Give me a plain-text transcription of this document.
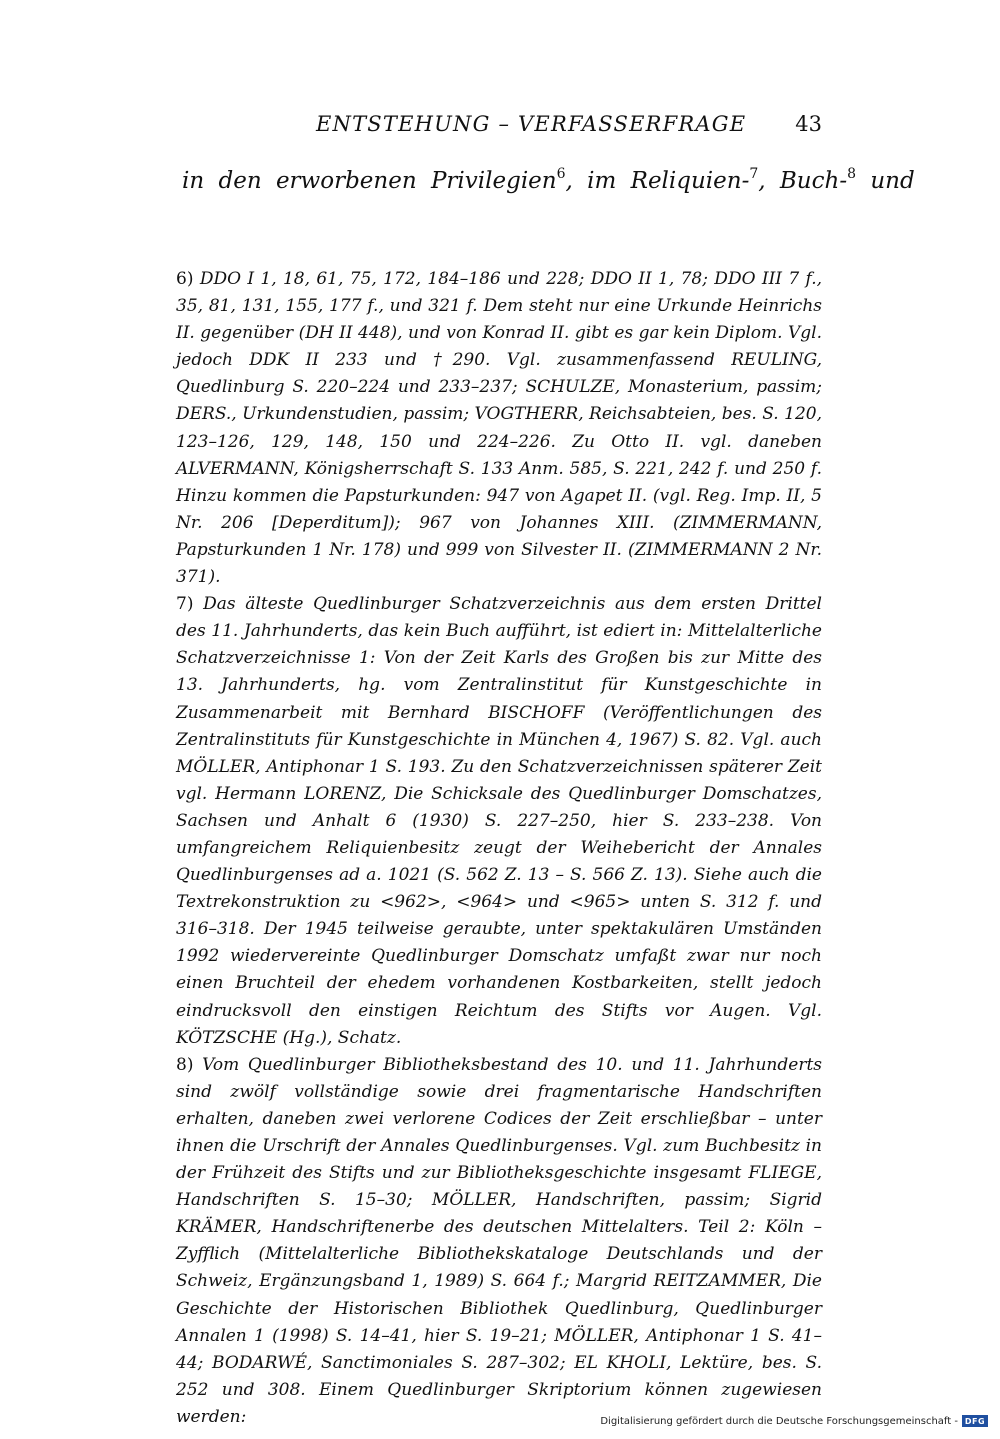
ENTSTEHUNG – VERFASSERFRAGE 43
in den erworbenen Privilegien$^6$, im Reliquien-$^7$, Buch-$^8$ und

6) DDO I 1, 18, 61, 75, 172, 184–186 und 228; DDO II 1, 78; DDO III 7 f., 35, 81, 131, 155, 177 f., und 321 f. Dem steht nur eine Urkunde Heinrichs II. gegenüber (DH II 448), und von Konrad II. gibt es gar kein Diplom. Vgl. jedoch DDK II 233 und †290. Vgl. zusammenfassend REULING, Quedlinburg S. 220–224 und 233–237; SCHULZE, Monasterium, passim; DERS., Urkundenstudien, passim; VOGTHERR, Reichsabteien, bes. S. 120, 123–126, 129, 148, 150 und 224–226. Zu Otto II. vgl. daneben ALVERMANN, Königsherrschaft S. 133 Anm. 585, S. 221, 242 f. und 250 f. Hinzu kommen die Papsturkunden: 947 von Agapet II. (vgl. Reg. Imp. II, 5 Nr. 206 [Deperditum]); 967 von Johannes XIII. (ZIMMERMANN, Papsturkunden 1 Nr. 178) und 999 von Silvester II. (ZIMMERMANN 2 Nr. 371).

7) Das älteste Quedlinburger Schatzverzeichnis aus dem ersten Drittel des 11. Jahrhunderts, das kein Buch aufführt, ist ediert in: Mittelalterliche Schatzverzeichnisse 1: Von der Zeit Karls des Großen bis zur Mitte des 13. Jahrhunderts, hg. vom Zentralinstitut für Kunstgeschichte in Zusammenarbeit mit Bernhard BISCHOFF (Veröffentlichungen des Zentralinstituts für Kunstgeschichte in München 4, 1967) S. 82. Vgl. auch MÖLLER, Antiphonar 1 S. 193. Zu den Schatzverzeichnissen späterer Zeit vgl. Hermann LORENZ, Die Schicksale des Quedlinburger Domschatzes, Sachsen und Anhalt 6 (1930) S. 227–250, hier S. 233–238. Von umfangreichem Reliquienbesitz zeugt der Weihebericht der Annales Quedlinburgenses ad a. 1021 (S. 562 Z. 13 – S. 566 Z. 13). Siehe auch die Textrekonstruktion zu <962>, <964> und <965> unten S. 312 f. und 316–318. Der 1945 teilweise geraubte, unter spektakulären Umständen 1992 wiedervereinte Quedlinburger Domschatz umfaßt zwar nur noch einen Bruchteil der ehedem vorhandenen Kostbarkeiten, stellt jedoch eindrucksvoll den einstigen Reichtum des Stifts vor Augen. Vgl. KÖTZSCHE (Hg.), Schatz.

8) Vom Quedlinburger Bibliotheksbestand des 10. und 11. Jahrhunderts sind zwölf vollständige sowie drei fragmentarische Handschriften erhalten, daneben zwei verlorene Codices der Zeit erschließbar – unter ihnen die Urschrift der Annales Quedlinburgenses. Vgl. zum Buchbesitz in der Frühzeit des Stifts und zur Bibliotheksgeschichte insgesamt FLIEGE, Handschriften S. 15–30; MÖLLER, Handschriften, passim; Sigrid KRÄMER, Handschriftenerbe des deutschen Mittelalters. Teil 2: Köln – Zyfflich (Mittelalterliche Bibliothekskataloge Deutschlands und der Schweiz, Ergänzungsband 1, 1989) S. 664 f.; Margrid REITZAMMER, Die Geschichte der Historischen Bibliothek Quedlinburg, Quedlinburger Annalen 1 (1998) S. 14–41, hier S. 19–21; MÖLLER, Antiphonar 1 S. 41–44; BODARWÉ, Sanctimoniales S. 287–302; EL KHOLI, Lektüre, bes. S. 252 und 308. Einem Quedlinburger Skriptorium können zugewiesen werden:	Digitalisierung gefördert durch die Deutsche Forschungsgemeinschaft - DFG
